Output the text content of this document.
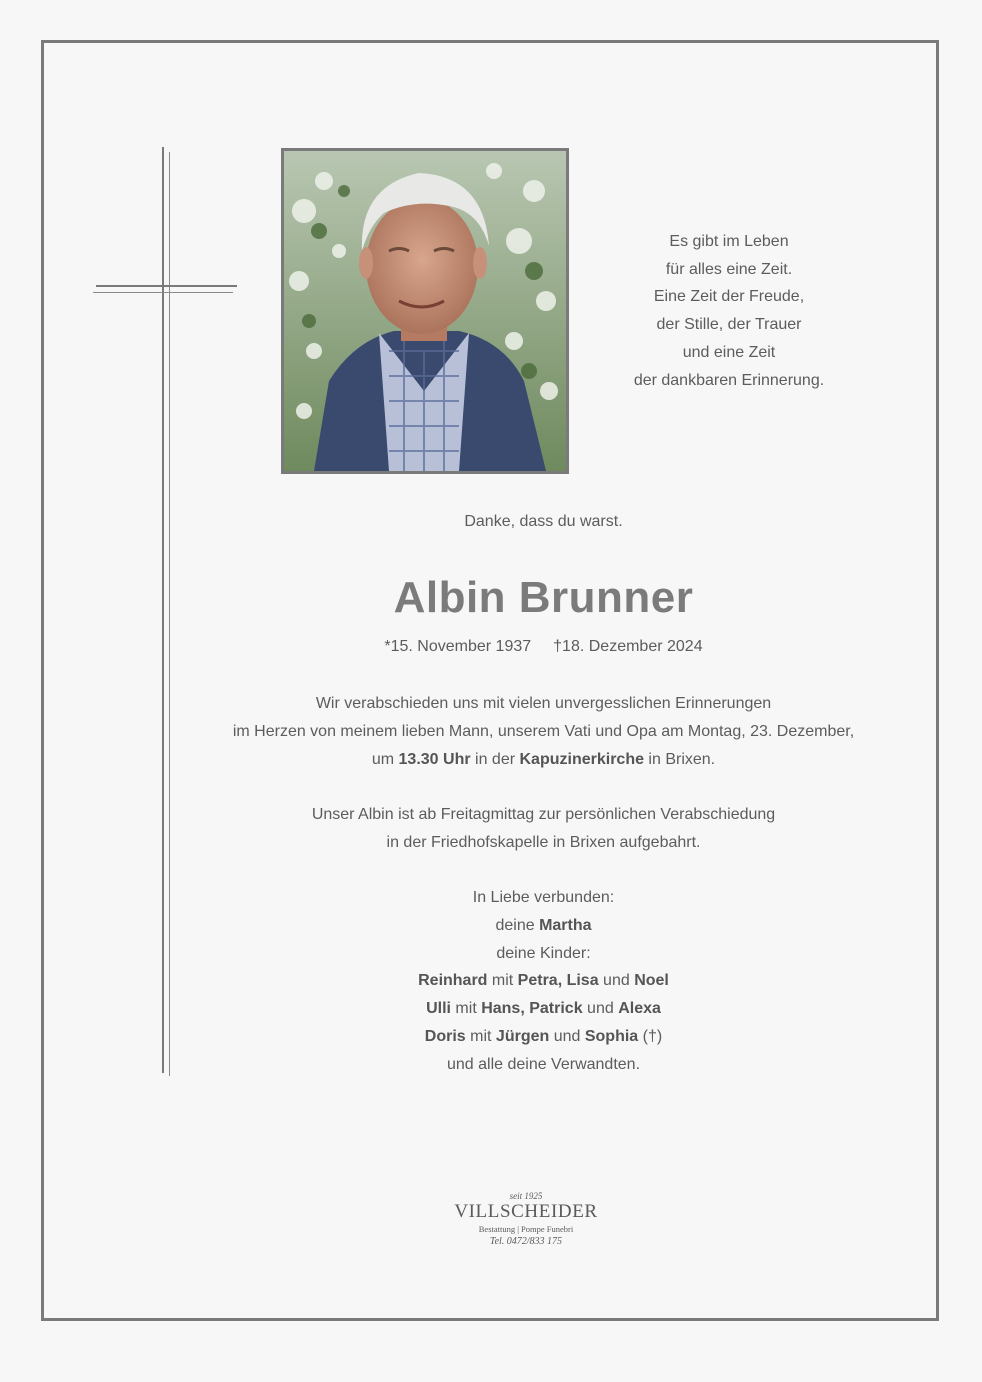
Es gibt im Leben
für alles eine Zeit.
Eine Zeit der Freude,
der Stille, der Trauer
und eine Zeit
der dankbaren Erinnerung.
Danke, dass du warst.
Albin Brunner
*15. November 1937 †18. Dezember 2024
Wir verabschieden uns mit vielen unvergesslichen Erinnerungen
im Herzen von meinem lieben Mann, unserem Vati und Opa am Montag, 23. Dezember,
um 13.30 Uhr in der Kapuzinerkirche in Brixen.
Unser Albin ist ab Freitagmittag zur persönlichen Verabschiedung
in der Friedhofskapelle in Brixen aufgebahrt.
In Liebe verbunden:
deine Martha
deine Kinder:
Reinhard mit Petra, Lisa und Noel
Ulli mit Hans, Patrick und Alexa
Doris mit Jürgen und Sophia (†)
und alle deine Verwandten.
seit 1925
VILLSCHEIDER
Bestattung | Pompe Funebri
Tel. 0472/833 175
